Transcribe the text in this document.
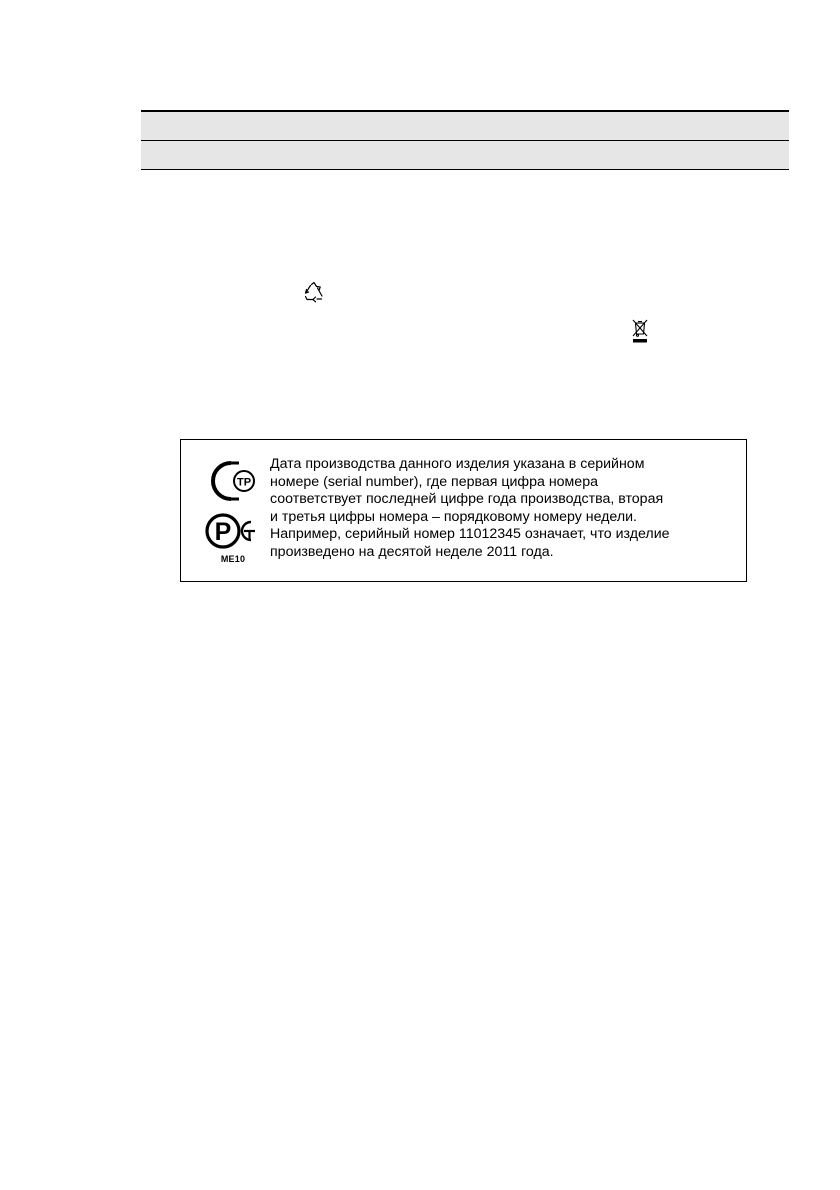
ТР
Р
ME10
Дата производства данного изделия указана в серийном
номере (serial number), где первая цифра номера
соответствует последней цифре года производства, вторая
и третья цифры номера – порядковому номеру недели.
Например, серийный номер 11012345 означает, что изделие
произведено на десятой неделе 2011 года.
